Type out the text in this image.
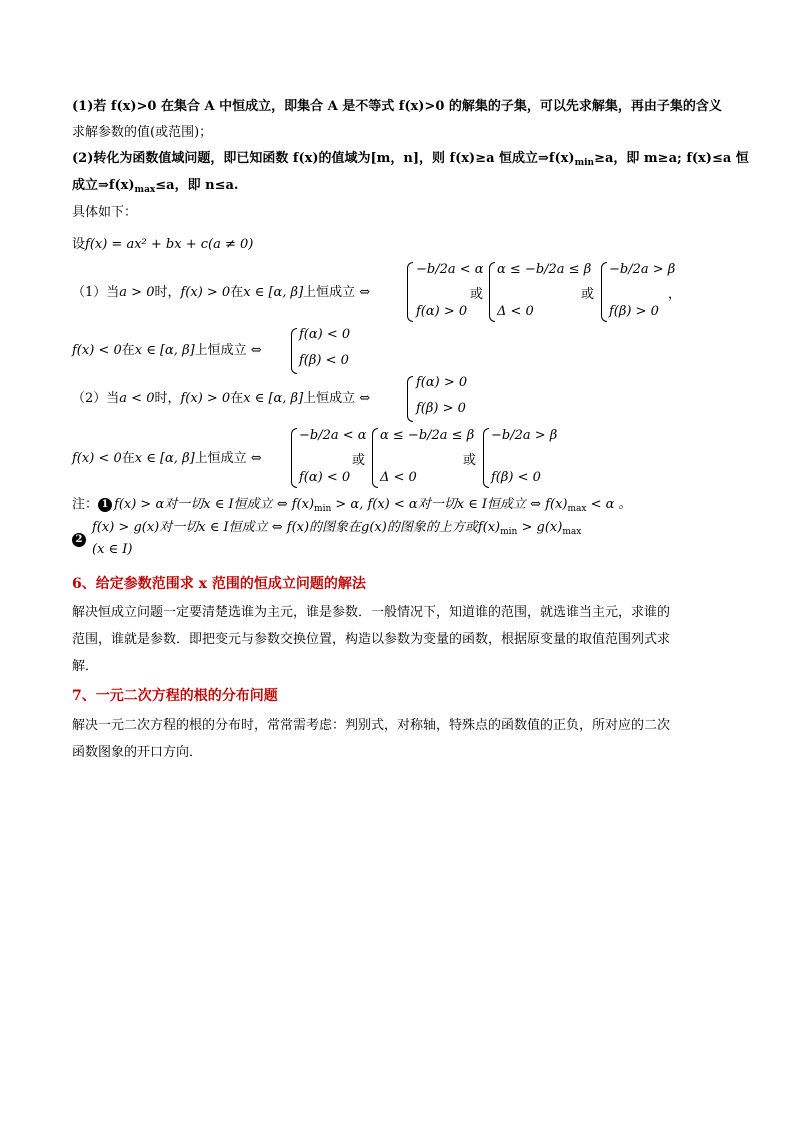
(1)若 f(x)>0 在集合 A 中恒成立，即集合 A 是不等式 f(x)>0 的解集的子集，可以先求解集，再由子集的含义
求解参数的值(或范围)；
(2)转化为函数值域问题，即已知函数 f(x)的值域为[m，n]，则 f(x)≥a 恒成立$\Rightarrow f(x)_{min}\ge a$，即 m≥a; f(x)≤a 恒
成立$\Rightarrow f(x)_{max}\le a$，即 n≤a.
具体如下：
设f(x) = ax² + bx + c(a ≠ 0)
（1）当a > 0时，f(x) > 0在x ∈ [α, β]上恒成立 ⇔
−b/2a < α
f(α) > 0
或
α ≤ −b/2a ≤ β
Δ < 0
或
−b/2a > β
f(β) > 0
，
f(x) < 0在x ∈ [α, β]上恒成立 ⇔
f(α) < 0
f(β) < 0
（2）当a < 0时，f(x) > 0在x ∈ [α, β]上恒成立 ⇔
f(α) > 0
f(β) > 0
f(x) < 0在x ∈ [α, β]上恒成立 ⇔
−b/2a < α
f(α) < 0
或
α ≤ −b/2a ≤ β
Δ < 0
或
−b/2a > β
f(β) < 0
注： 1 f(x) > α对一切x ∈ I恒成立 ⇔ $f(x)_{min} > \alpha$, f(x) < α对一切x ∈ I恒成立 ⇔ $f(x)_{max} < \alpha$ 。
2
f(x) > g(x)对一切x ∈ I恒成立 ⇔ f(x)的图象在g(x)的图象的上方或$f(x)_{min} > g(x)_{max}$
(x ∈ I)
6、给定参数范围求 x 范围的恒成立问题的解法
解决恒成立问题一定要清楚选谁为主元，谁是参数．一般情况下，知道谁的范围，就选谁当主元，求谁的
范围，谁就是参数．即把变元与参数交换位置，构造以参数为变量的函数，根据原变量的取值范围列式求
解．
7、一元二次方程的根的分布问题
解决一元二次方程的根的分布时，常常需考虑：判别式，对称轴，特殊点的函数值的正负，所对应的二次
函数图象的开口方向．
